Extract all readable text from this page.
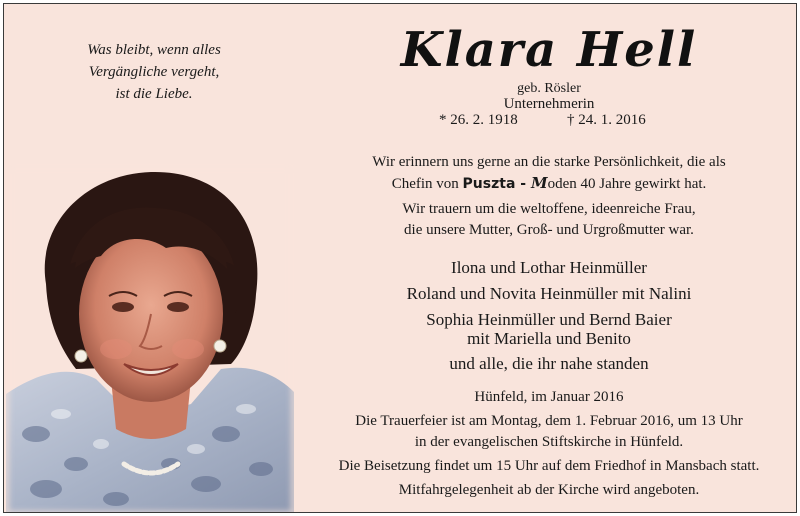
Was bleibt, wenn alles
Vergängliche vergeht,
ist die Liebe.
Klara Hell
geb. Rösler
Unternehmerin
* 26. 2. 1918	† 24. 1. 2016
Wir erinnern uns gerne an die starke Persönlichkeit, die als
Chefin von Puszta - Moden 40 Jahre gewirkt hat.
Wir trauern um die weltoffene, ideenreiche Frau,
die unsere Mutter, Groß- und Urgroßmutter war.
Ilona und Lothar Heinmüller
Roland und Novita Heinmüller mit Nalini
Sophia Heinmüller und Bernd Baier
mit Mariella und Benito
und alle, die ihr nahe standen
Hünfeld, im Januar 2016
Die Trauerfeier ist am Montag, dem 1. Februar 2016, um 13 Uhr
in der evangelischen Stiftskirche in Hünfeld.
Die Beisetzung findet um 15 Uhr auf dem Friedhof in Mansbach statt.
Mitfahrgelegenheit ab der Kirche wird angeboten.
